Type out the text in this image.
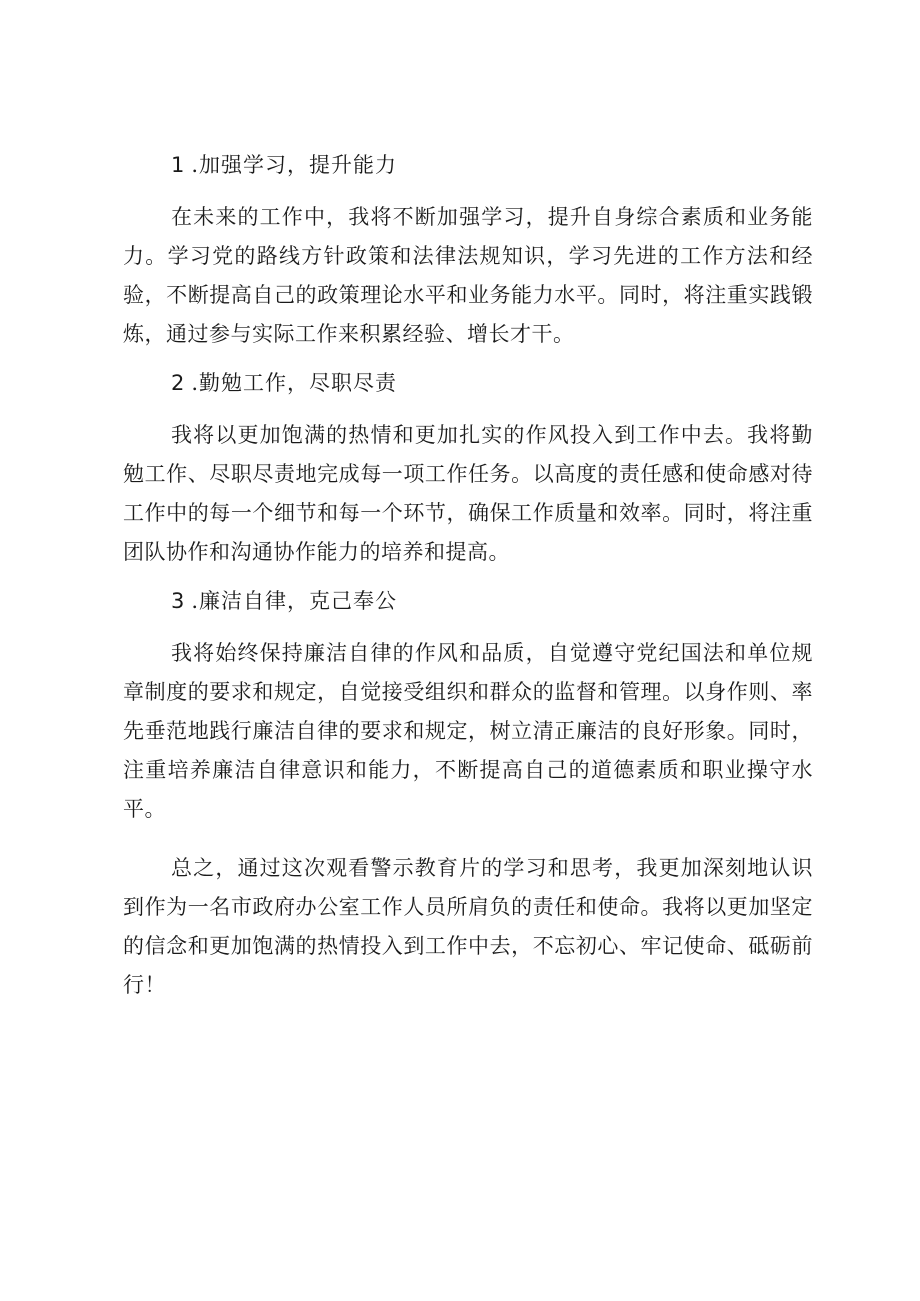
1 .加强学习，提升能力

在未来的工作中，我将不断加强学习，提升自身综合素质和业务能力。学习党的路线方针政策和法律法规知识，学习先进的工作方法和经验，不断提高自己的政策理论水平和业务能力水平。同时，将注重实践锻炼，通过参与实际工作来积累经验、增长才干。

2 .勤勉工作，尽职尽责

我将以更加饱满的热情和更加扎实的作风投入到工作中去。我将勤勉工作、尽职尽责地完成每一项工作任务。以高度的责任感和使命感对待工作中的每一个细节和每一个环节，确保工作质量和效率。同时，将注重团队协作和沟通协作能力的培养和提高。

3 .廉洁自律，克己奉公

我将始终保持廉洁自律的作风和品质，自觉遵守党纪国法和单位规章制度的要求和规定，自觉接受组织和群众的监督和管理。以身作则、率先垂范地践行廉洁自律的要求和规定，树立清正廉洁的良好形象。同时，注重培养廉洁自律意识和能力，不断提高自己的道德素质和职业操守水平。

总之，通过这次观看警示教育片的学习和思考，我更加深刻地认识到作为一名市政府办公室工作人员所肩负的责任和使命。我将以更加坚定的信念和更加饱满的热情投入到工作中去，不忘初心、牢记使命、砥砺前行！
